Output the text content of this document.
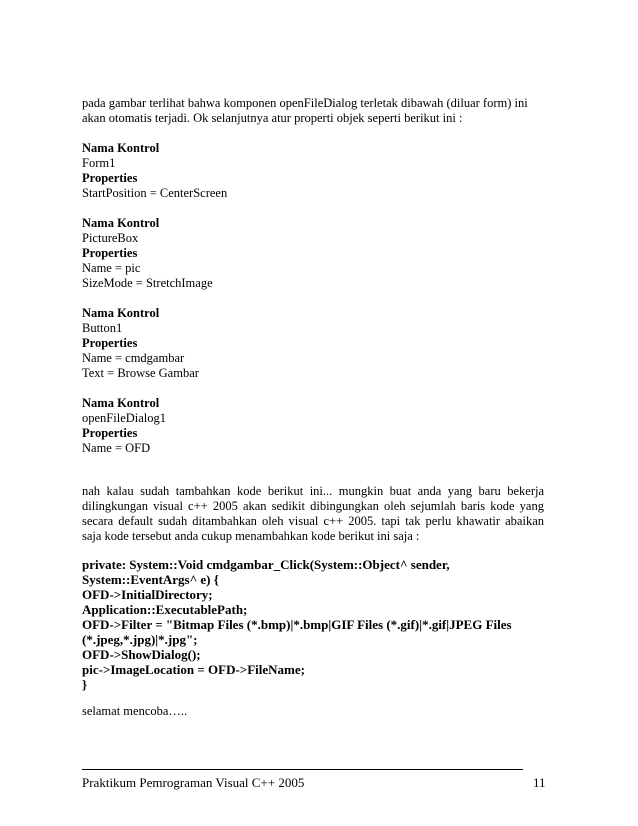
pada gambar terlihat bahwa komponen openFileDialog terletak dibawah (diluar form) ini
akan otomatis terjadi. Ok selanjutnya atur properti objek seperti berikut ini :
Nama Kontrol
Form1
Properties
StartPosition = CenterScreen
Nama Kontrol
PictureBox
Properties
Name = pic
SizeMode = StretchImage
Nama Kontrol
Button1
Properties
Name = cmdgambar
Text = Browse Gambar
Nama Kontrol
openFileDialog1
Properties
Name = OFD
nah kalau sudah tambahkan kode berikut ini... mungkin buat anda yang baru bekerja
dilingkungan visual c++ 2005 akan sedikit dibingungkan oleh sejumlah baris kode yang
secara default sudah ditambahkan oleh visual c++ 2005. tapi tak perlu khawatir abaikan
saja kode tersebut anda cukup menambahkan kode berikut ini saja :
private: System::Void cmdgambar_Click(System::Object^ sender,
System::EventArgs^ e) {
OFD->InitialDirectory;
Application::ExecutablePath;
OFD->Filter = "Bitmap Files (*.bmp)|*.bmp|GIF Files (*.gif)|*.gif|JPEG Files
(*.jpeg,*.jpg)|*.jpg";
OFD->ShowDialog();
pic->ImageLocation = OFD->FileName;
}
selamat mencoba…..
Praktikum Pemrograman Visual C++ 2005	11
